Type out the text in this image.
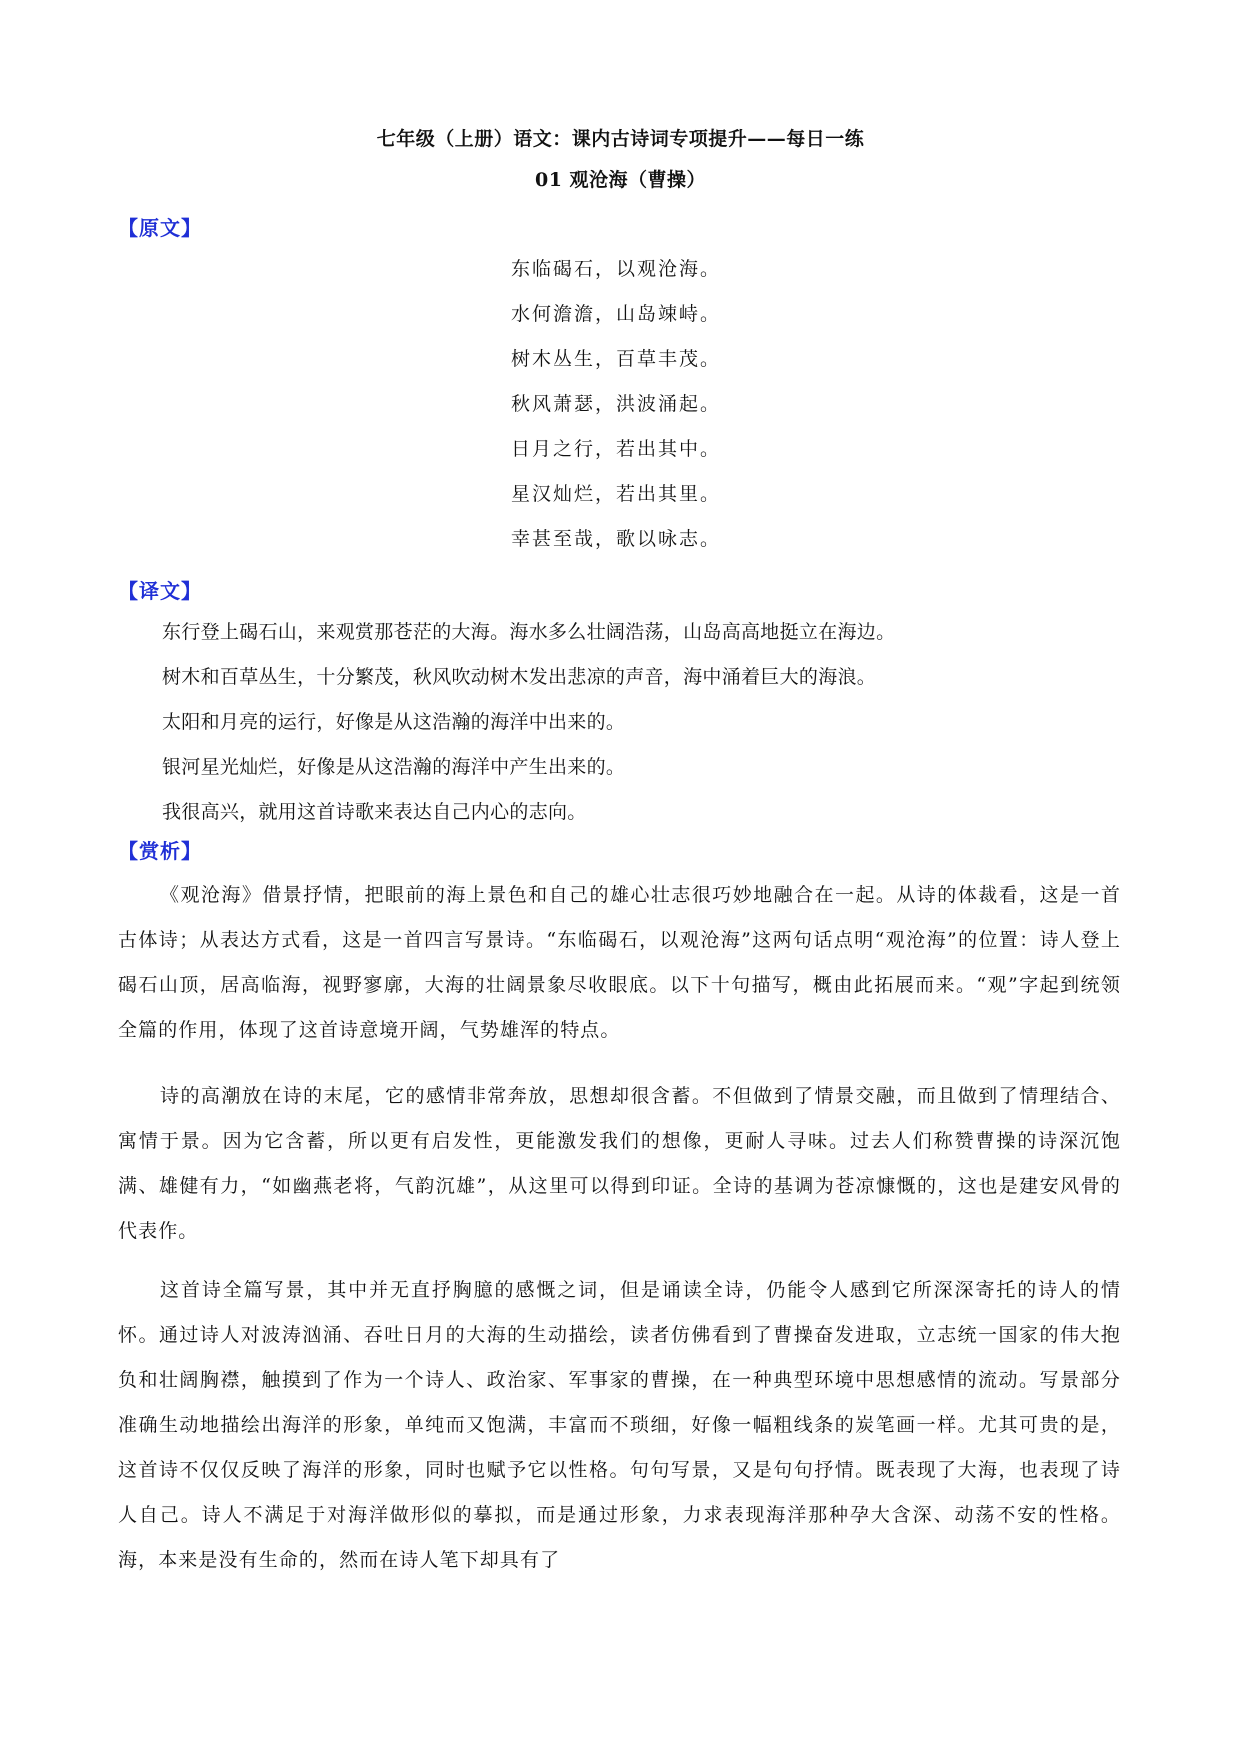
七年级（上册）语文：课内古诗词专项提升——每日一练
01 观沧海（曹操）
【原文】
东临碣石，以观沧海。
水何澹澹，山岛竦峙。
树木丛生，百草丰茂。
秋风萧瑟，洪波涌起。
日月之行，若出其中。
星汉灿烂，若出其里。
幸甚至哉，歌以咏志。
【译文】
东行登上碣石山，来观赏那苍茫的大海。海水多么壮阔浩荡，山岛高高地挺立在海边。
树木和百草丛生，十分繁茂，秋风吹动树木发出悲凉的声音，海中涌着巨大的海浪。
太阳和月亮的运行，好像是从这浩瀚的海洋中出来的。
银河星光灿烂，好像是从这浩瀚的海洋中产生出来的。
我很高兴，就用这首诗歌来表达自己内心的志向。
【赏析】

《观沧海》借景抒情，把眼前的海上景色和自己的雄心壮志很巧妙地融合在一起。从诗的体裁看，这是一首古体诗；从表达方式看，这是一首四言写景诗。“东临碣石，以观沧海”这两句话点明“观沧海”的位置：诗人登上碣石山顶，居高临海，视野寥廓，大海的壮阔景象尽收眼底。以下十句描写，概由此拓展而来。“观”字起到统领全篇的作用，体现了这首诗意境开阔，气势雄浑的特点。

诗的高潮放在诗的末尾，它的感情非常奔放，思想却很含蓄。不但做到了情景交融，而且做到了情理结合、寓情于景。因为它含蓄，所以更有启发性，更能激发我们的想像，更耐人寻味。过去人们称赞曹操的诗深沉饱满、雄健有力，“如幽燕老将，气韵沉雄”，从这里可以得到印证。全诗的基调为苍凉慷慨的，这也是建安风骨的代表作。

这首诗全篇写景，其中并无直抒胸臆的感慨之词，但是诵读全诗，仍能令人感到它所深深寄托的诗人的情怀。通过诗人对波涛汹涌、吞吐日月的大海的生动描绘，读者仿佛看到了曹操奋发进取，立志统一国家的伟大抱负和壮阔胸襟，触摸到了作为一个诗人、政治家、军事家的曹操，在一种典型环境中思想感情的流动。写景部分准确生动地描绘出海洋的形象，单纯而又饱满，丰富而不琐细，好像一幅粗线条的炭笔画一样。尤其可贵的是，这首诗不仅仅反映了海洋的形象，同时也赋予它以性格。句句写景，又是句句抒情。既表现了大海，也表现了诗人自己。诗人不满足于对海洋做形似的摹拟，而是通过形象，力求表现海洋那种孕大含深、动荡不安的性格。海，本来是没有生命的，然而在诗人笔下却具有了
